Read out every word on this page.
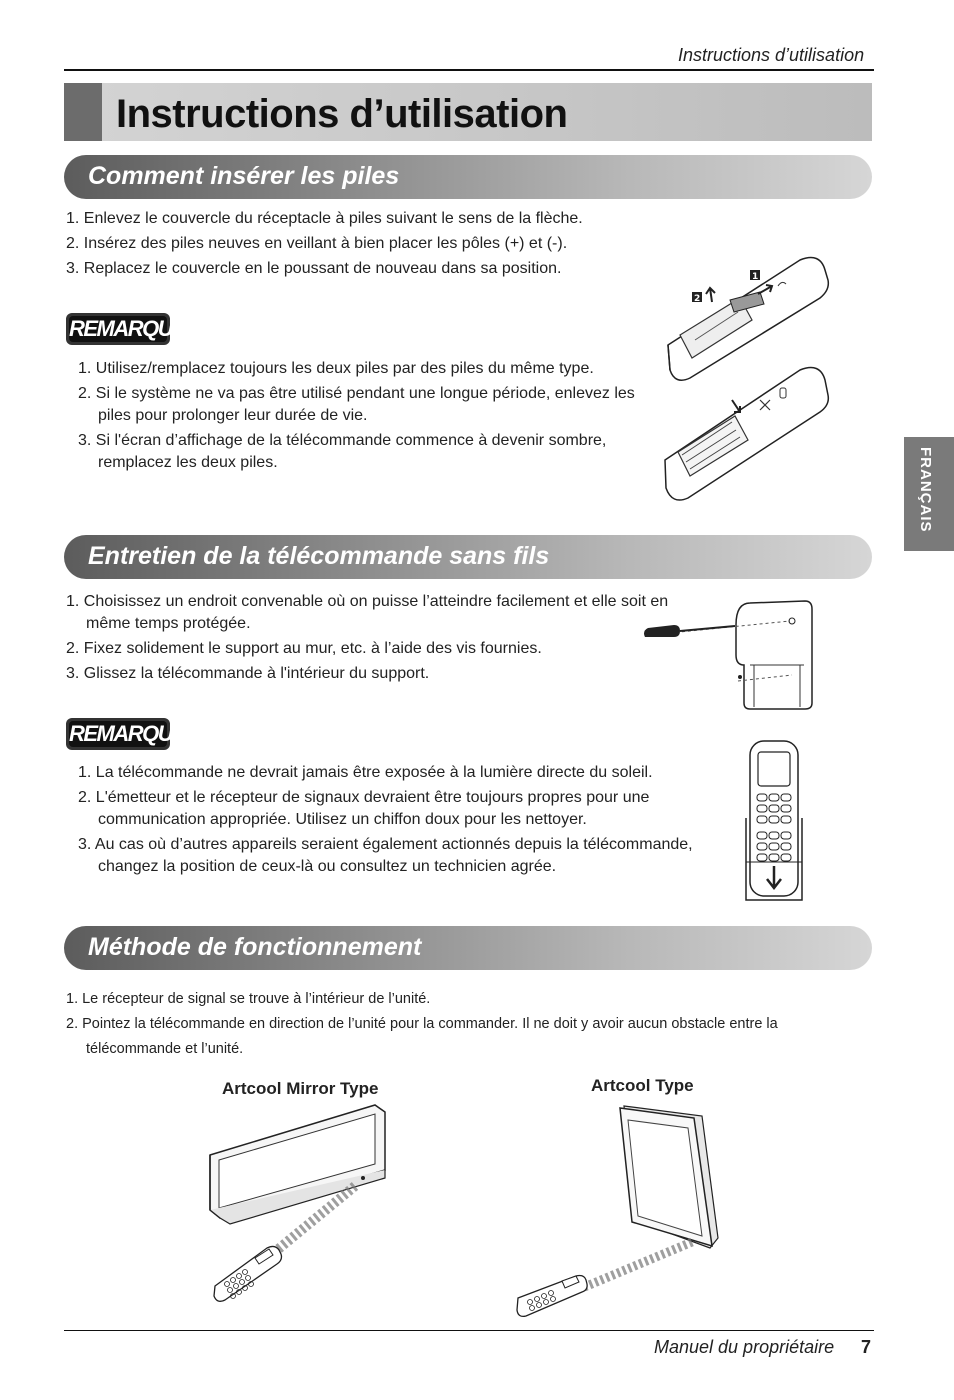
Instructions d’utilisation
Instructions d’utilisation
FRANÇAIS
Comment insérer les piles
1. Enlevez le couvercle du réceptacle à piles suivant le sens de la flèche.
2. Insérez des piles neuves en veillant à bien placer les pôles (+) et (-).
3. Replacez le couvercle en le poussant de nouveau dans sa position.
REMARQUE
1. Utilisez/remplacez toujours les deux piles par des piles du même type.
2. Si le système ne va pas être utilisé pendant une longue période, enlevez les piles pour prolonger leur durée de vie.
3. Si l'écran d’affichage de la télécommande commence à devenir sombre, remplacez les deux piles.
1
2
Entretien de la télécommande sans fils
1. Choisissez un endroit convenable où on puisse l’atteindre facilement et elle soit en même temps protégée.
2. Fixez solidement le support au mur, etc. à l’aide des vis fournies.
3. Glissez la télécommande à l'intérieur du support.
REMARQUE
1. La télécommande ne devrait jamais être exposée à la lumière directe du soleil.
2. L'émetteur et le récepteur de signaux devraient être toujours propres pour une communication appropriée. Utilisez un chiffon doux pour les nettoyer.
3. Au cas où d’autres appareils seraient également actionnés depuis la télécommande, changez la position de ceux-là ou consultez un technicien agrée.
Méthode de fonctionnement
1. Le récepteur de signal se trouve à l’intérieur de l’unité.
2. Pointez la télécommande en direction de l’unité pour la commander. Il ne doit y avoir aucun obstacle entre la télécommande et l’unité.
Artcool Mirror Type	Artcool Type
Manuel du propriétaire 7
